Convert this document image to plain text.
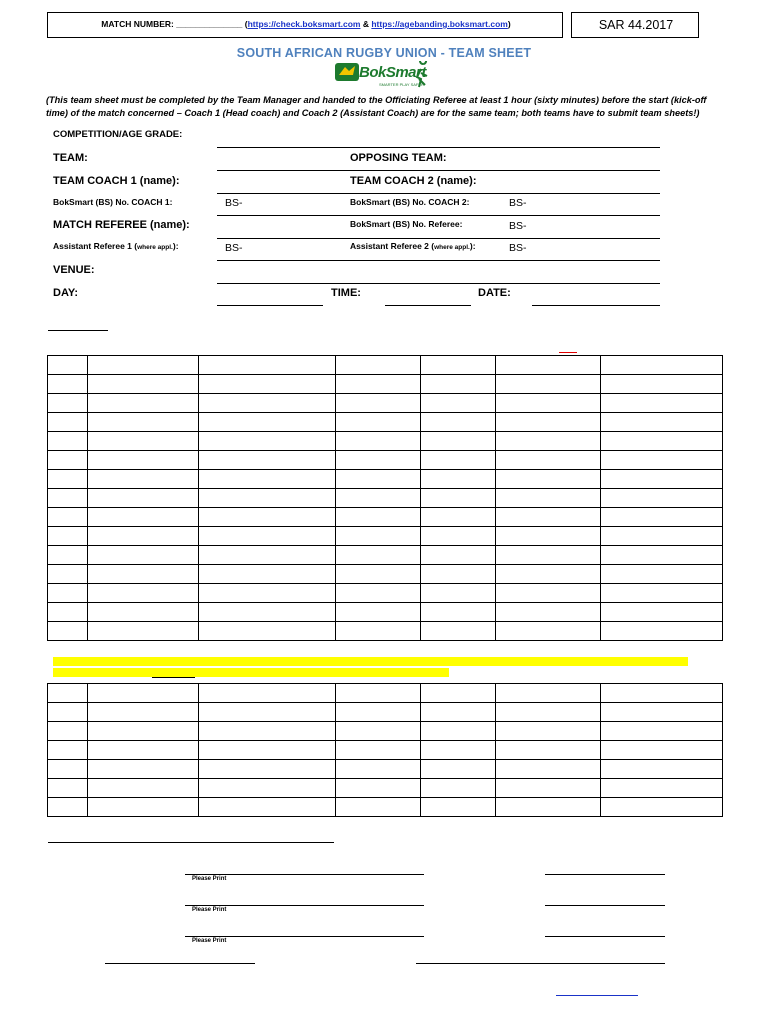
MATCH NUMBER: ______________ (https://check.boksmart.com & https://agebanding.boksmart.com)	SAR 44.2017
SOUTH AFRICAN RUGBY UNION - TEAM SHEET
BokSmart
SMARTER PLAY SAFER
(This team sheet must be completed by the Team Manager and handed to the Officiating Referee at least 1 hour (sixty minutes) before the start (kick-off time) of the match concerned – Coach 1 (Head coach) and Coach 2 (Assistant Coach) are for the same team; both teams have to submit team sheets!)
COMPETITION/AGE GRADE:
TEAM:	OPPOSING TEAM:
TEAM COACH 1 (name):	TEAM COACH 2 (name):
BokSmart (BS) No. COACH 1:	BS-	BokSmart (BS) No. COACH 2:	BS-
MATCH REFEREE (name):	BokSmart (BS) No. Referee:	BS-
Assistant Referee 1 (where appl.):	BS-	Assistant Referee 2 (where appl.):	BS-
VENUE:
DAY:	TIME:	DATE:

Please Print
Please Print
Please Print
